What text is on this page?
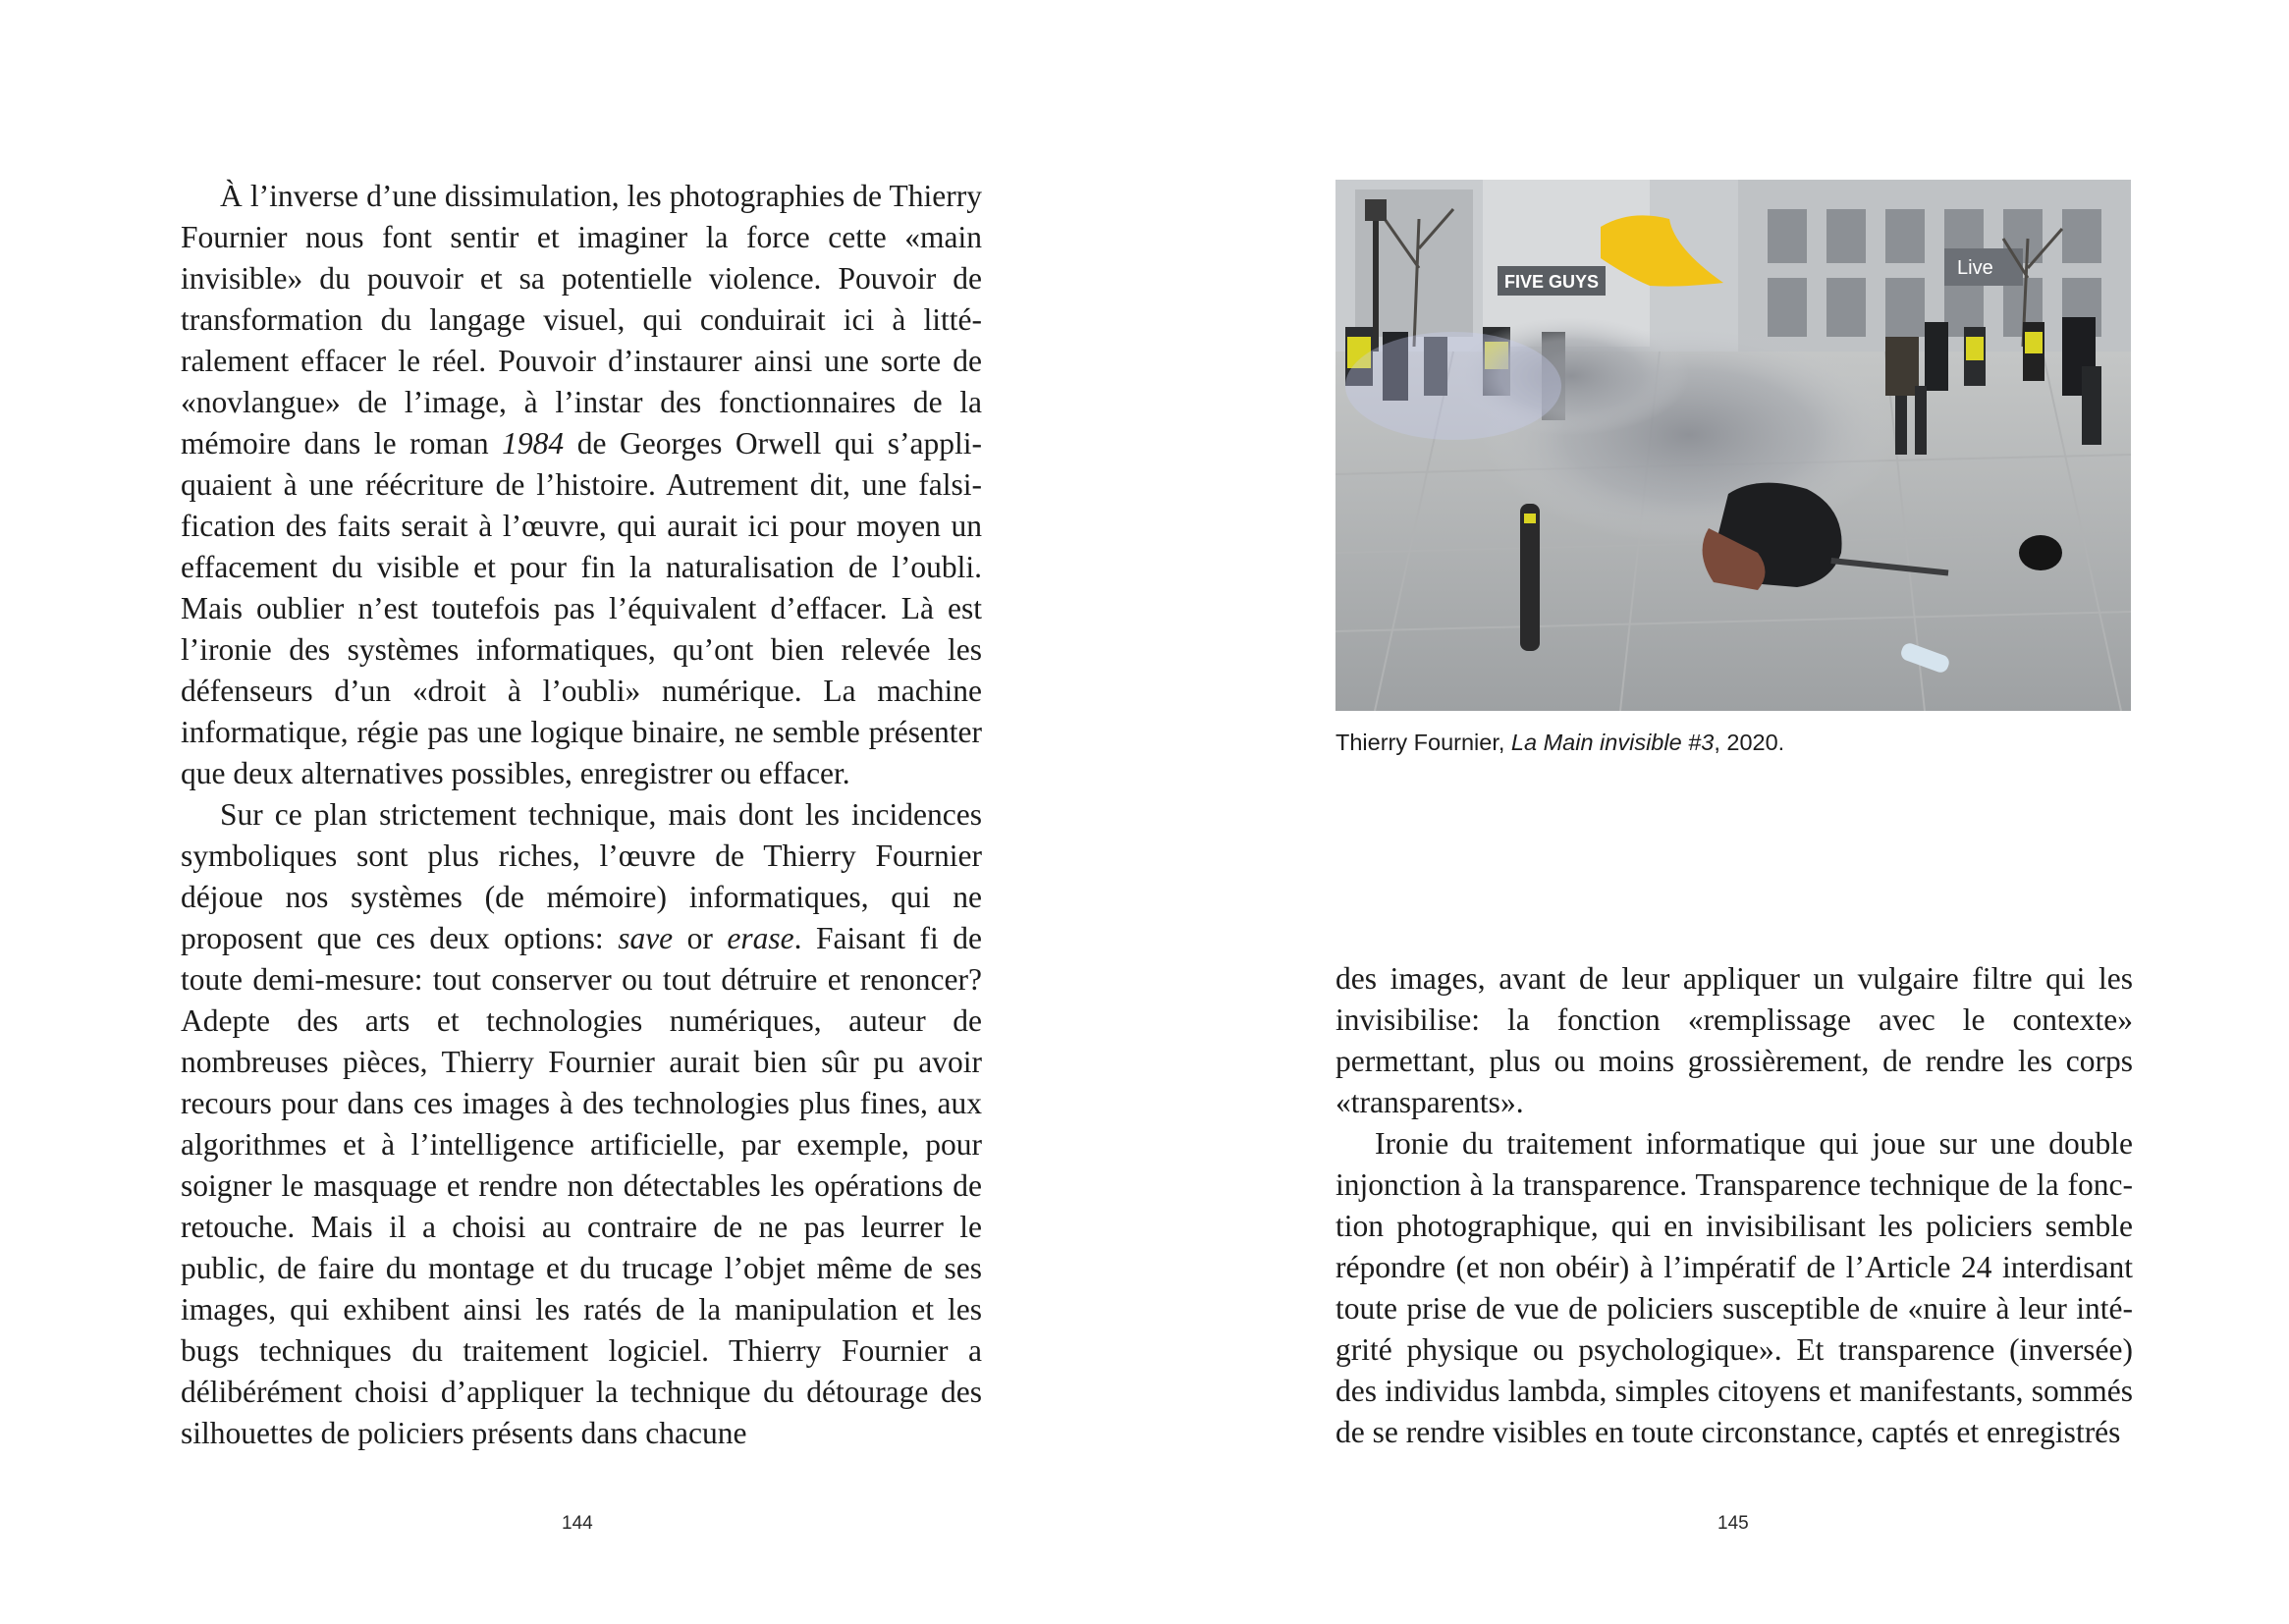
À l’inverse d’une dissimulation, les photographies de Thierry Fournier nous font sentir et imaginer la force cette «main invisible» du pouvoir et sa potentielle violence. Pouvoir de transformation du langage visuel, qui conduirait ici à littéralement effacer le réel. Pouvoir d’instaurer ainsi une sorte de «novlangue» de l’image, à l’instar des fonctionnaires de la mémoire dans le roman 1984 de Georges Orwell qui s’appliquaient à une réécriture de l’histoire. Autrement dit, une falsification des faits serait à l’œuvre, qui aurait ici pour moyen un effacement du visible et pour fin la naturalisation de l’oubli. Mais oublier n’est toutefois pas l’équivalent d’effacer. Là est l’ironie des systèmes informatiques, qu’ont bien relevée les défenseurs d’un «droit à l’oubli» numérique. La machine informatique, régie pas une logique binaire, ne semble présenter que deux alternatives possibles, enregistrer ou effacer.

Sur ce plan strictement technique, mais dont les incidences symboliques sont plus riches, l’œuvre de Thierry Fournier déjoue nos systèmes (de mémoire) informatiques, qui ne proposent que ces deux options: save or erase. Faisant fi de toute demi-mesure: tout conserver ou tout détruire et renoncer? Adepte des arts et technologies numériques, auteur de nombreuses pièces, Thierry Fournier aurait bien sûr pu avoir recours pour dans ces images à des technologies plus fines, aux algorithmes et à l’intelligence artificielle, par exemple, pour soigner le masquage et rendre non détectables les opérations de retouche. Mais il a choisi au contraire de ne pas leurrer le public, de faire du montage et du trucage l’objet même de ses images, qui exhibent ainsi les ratés de la manipulation et les bugs techniques du traitement logiciel. Thierry Fournier a délibérément choisi d’appliquer la technique du détourage des silhouettes de policiers présents dans chacune

144
FIVE GUYS
Live
Thierry Fournier, La Main invisible #3, 2020.

des images, avant de leur appliquer un vulgaire filtre qui les invisibilise: la fonction «remplissage avec le contexte» permettant, plus ou moins grossièrement, de rendre les corps «transparents».

Ironie du traitement informatique qui joue sur une double injonction à la transparence. Transparence technique de la fonction photographique, qui en invisibilisant les policiers semble répondre (et non obéir) à l’impératif de l’Article 24 interdisant toute prise de vue de policiers susceptible de «nuire à leur intégrité physique ou psychologique». Et transparence (inversée) des individus lambda, simples citoyens et manifestants, sommés de se rendre visibles en toute circonstance, captés et enregistrés

145
